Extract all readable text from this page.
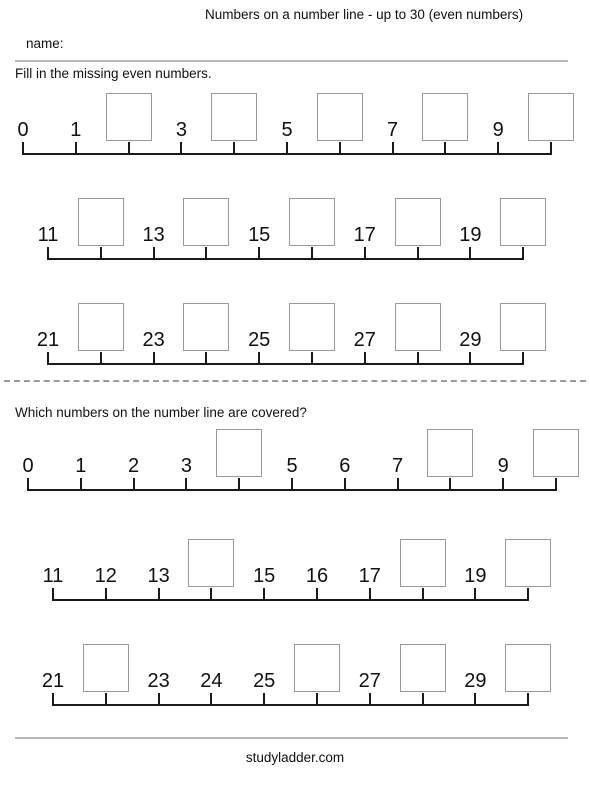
Numbers on a number line - up to 30 (even numbers)
name:
Fill in the missing even numbers.
Which numbers on the number line are covered?
studyladder.com
0	1	3	5	7	9
11	13	15	17	19
21	23	25	27	29
0	1	2	3	5	6	7	9
11	12	13	15	16	17	19
21	23	24	25	27	29
